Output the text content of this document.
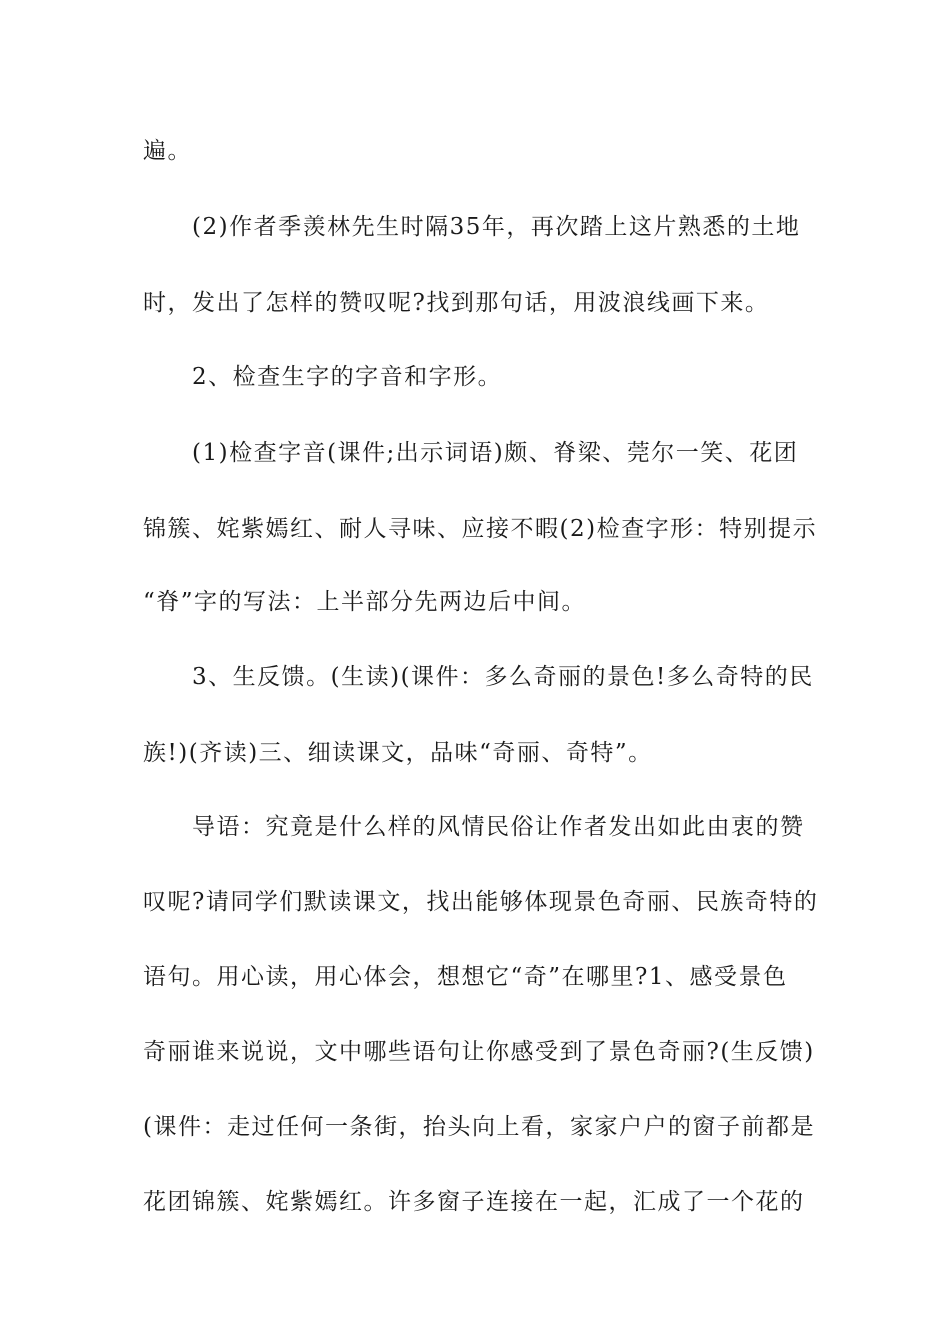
遍。
　　(2)作者季羡林先生时隔35年，再次踏上这片熟悉的土地
时，发出了怎样的赞叹呢?找到那句话，用波浪线画下来。
　　2、检查生字的字音和字形。
　　(1)检查字音(课件;出示词语)颇、脊梁、莞尔一笑、花团
锦簇、姹紫嫣红、耐人寻味、应接不暇(2)检查字形：特别提示
“脊”字的写法：上半部分先两边后中间。
　　3、生反馈。(生读)(课件：多么奇丽的景色!多么奇特的民
族!)(齐读)三、细读课文，品味“奇丽、奇特”。
　　导语：究竟是什么样的风情民俗让作者发出如此由衷的赞
叹呢?请同学们默读课文，找出能够体现景色奇丽、民族奇特的
语句。用心读，用心体会，想想它“奇”在哪里?1、感受景色
奇丽谁来说说，文中哪些语句让你感受到了景色奇丽?(生反馈)
(课件：走过任何一条街，抬头向上看，家家户户的窗子前都是
花团锦簇、姹紫嫣红。许多窗子连接在一起，汇成了一个花的
